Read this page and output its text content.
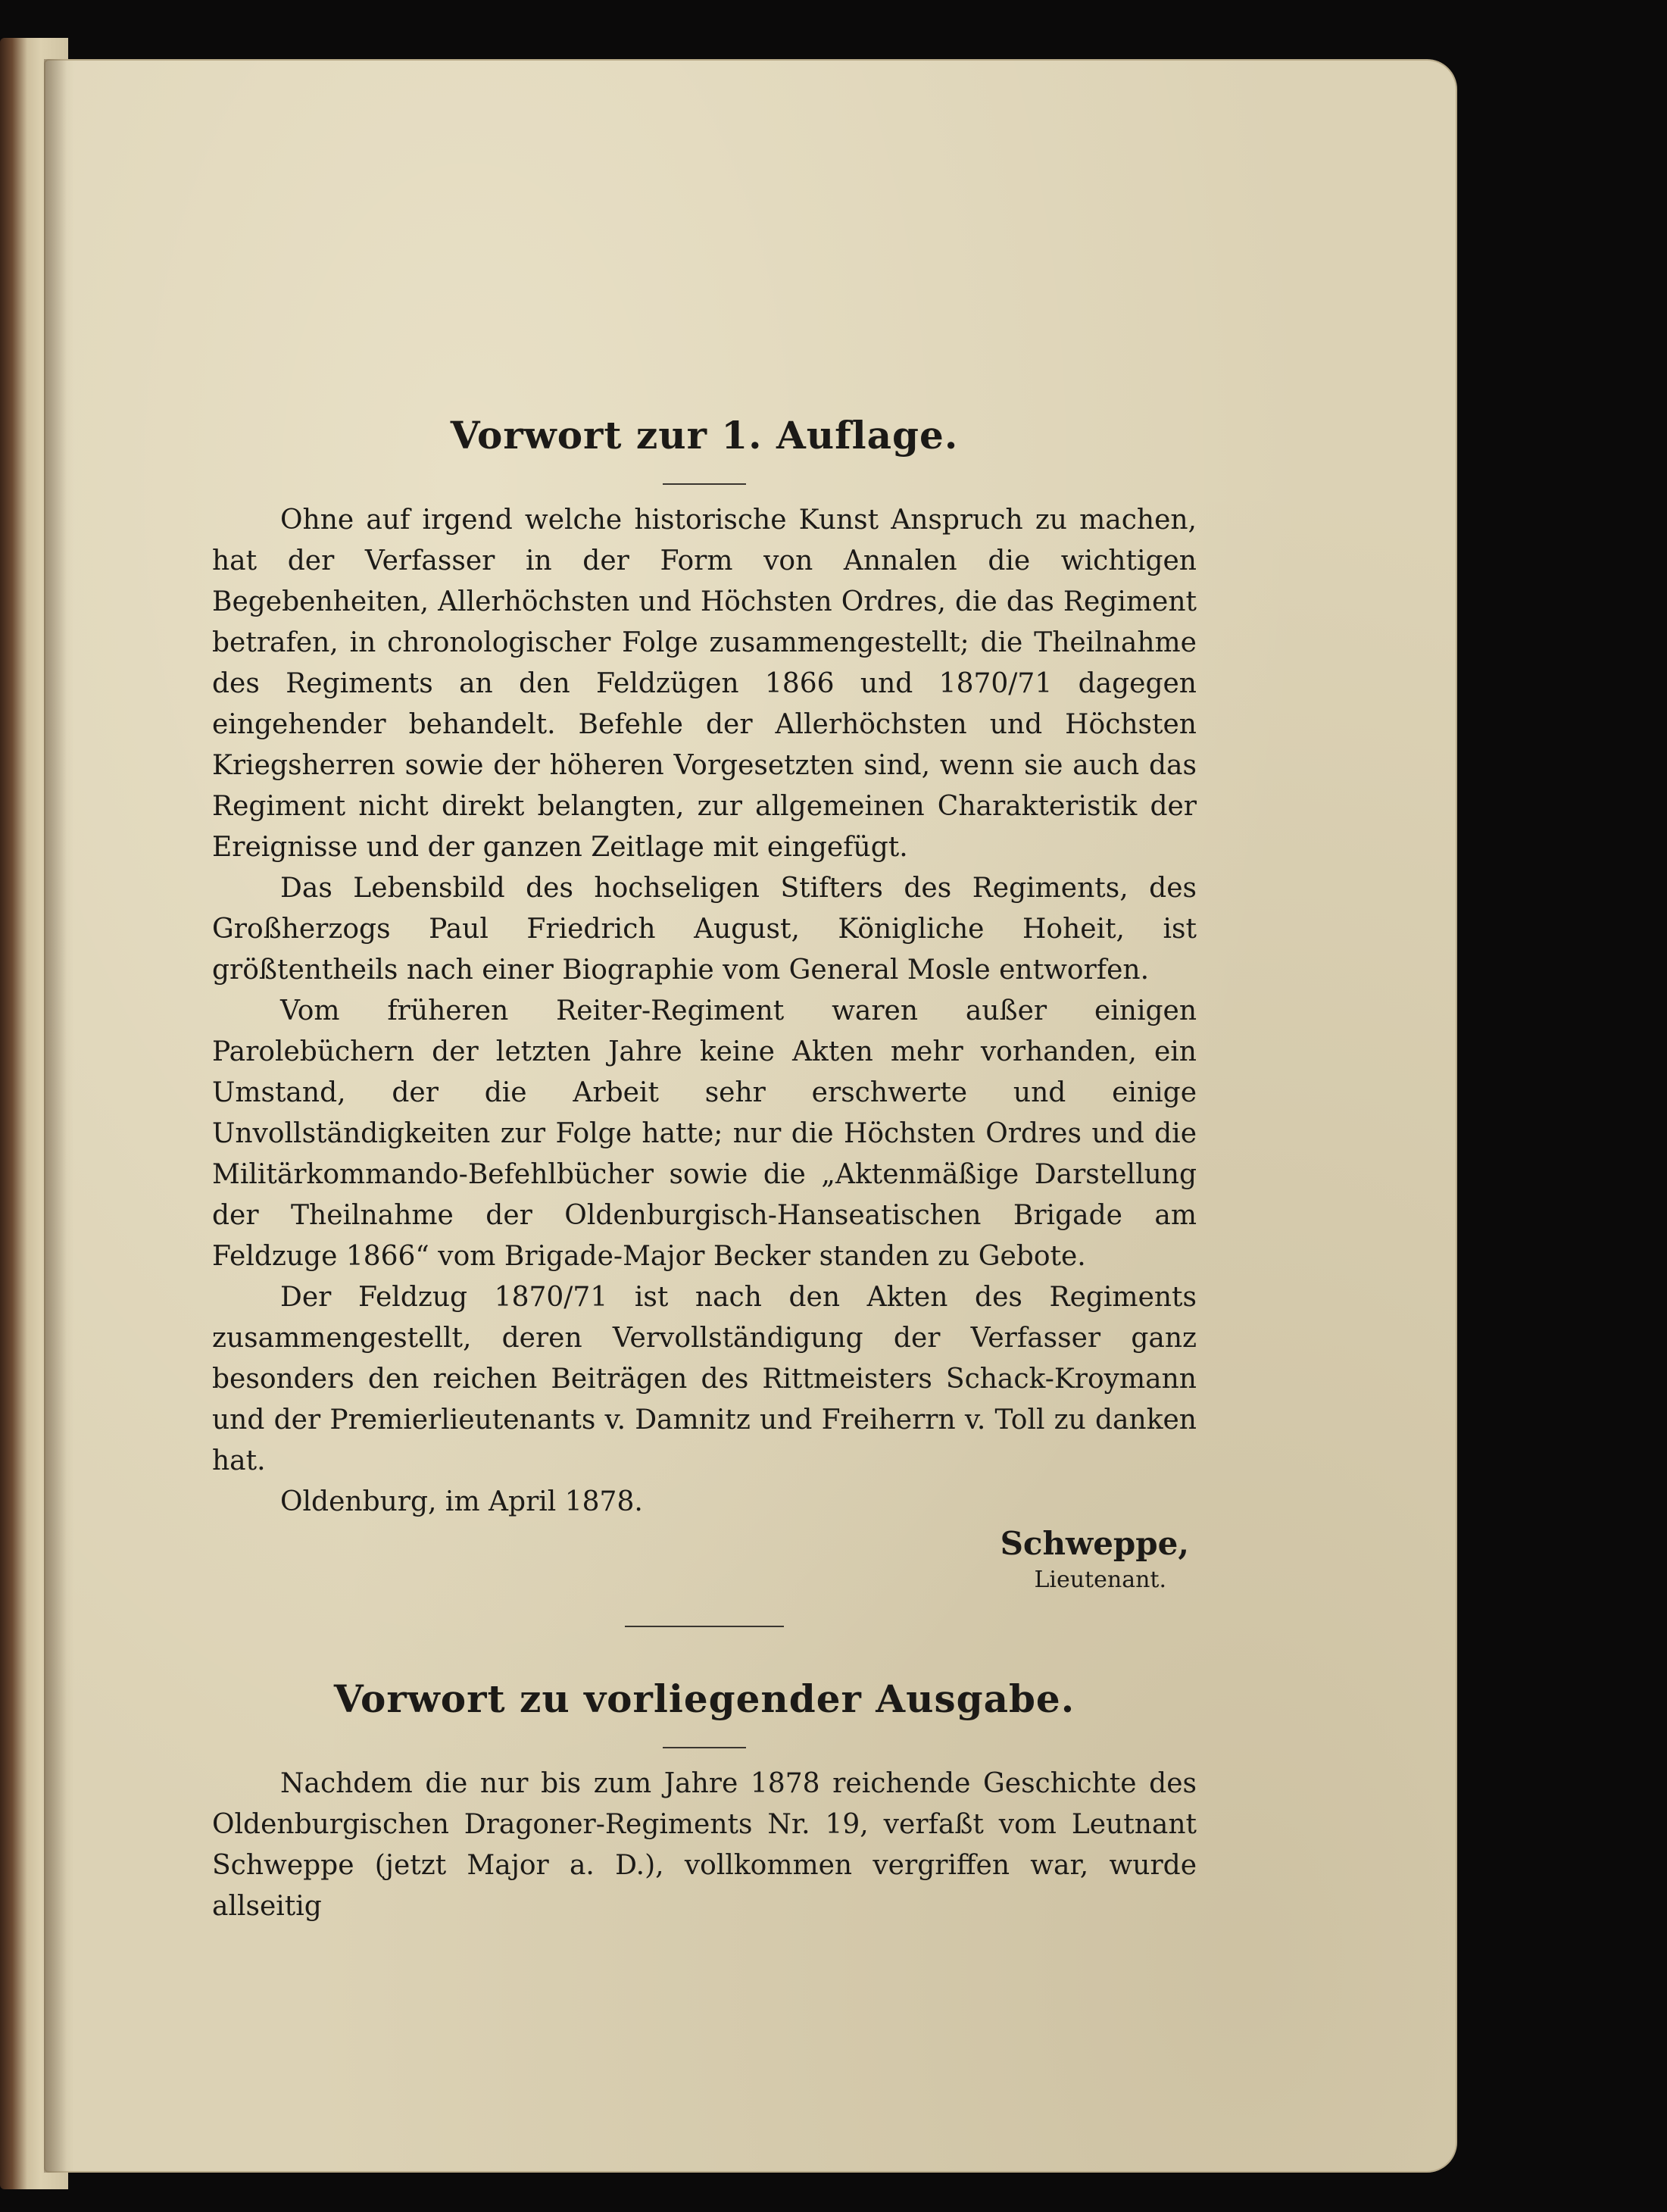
Vorwort zur 1. Auflage.

Ohne auf irgend welche historische Kunst Anspruch zu machen, hat der Verfasser in der Form von Annalen die wichtigen Begebenheiten, Allerhöchsten und Höchsten Ordres, die das Regiment betrafen, in chronologischer Folge zusammengestellt; die Theilnahme des Regiments an den Feldzügen 1866 und 1870/71 dagegen eingehender behandelt. Befehle der Allerhöchsten und Höchsten Kriegsherren sowie der höheren Vorgesetzten sind, wenn sie auch das Regiment nicht direkt belangten, zur allgemeinen Charakteristik der Ereignisse und der ganzen Zeitlage mit eingefügt.

Das Lebensbild des hochseligen Stifters des Regiments, des Großherzogs Paul Friedrich August, Königliche Hoheit, ist größtentheils nach einer Biographie vom General Mosle entworfen.

Vom früheren Reiter-Regiment waren außer einigen Parolebüchern der letzten Jahre keine Akten mehr vorhanden, ein Umstand, der die Arbeit sehr erschwerte und einige Unvollständigkeiten zur Folge hatte; nur die Höchsten Ordres und die Militärkommando-Befehlbücher sowie die „Aktenmäßige Darstellung der Theilnahme der Oldenburgisch-Hanseatischen Brigade am Feldzuge 1866“ vom Brigade-Major Becker standen zu Gebote.

Der Feldzug 1870/71 ist nach den Akten des Regiments zusammengestellt, deren Vervollständigung der Verfasser ganz besonders den reichen Beiträgen des Rittmeisters Schack-Kroymann und der Premierlieutenants v. Damnitz und Freiherrn v. Toll zu danken hat.

Oldenburg, im April 1878.

Schweppe,
Lieutenant.
Vorwort zu vorliegender Ausgabe.

Nachdem die nur bis zum Jahre 1878 reichende Geschichte des Oldenburgischen Dragoner-Regiments Nr. 19, verfaßt vom Leutnant Schweppe (jetzt Major a. D.), vollkommen vergriffen war, wurde allseitig
